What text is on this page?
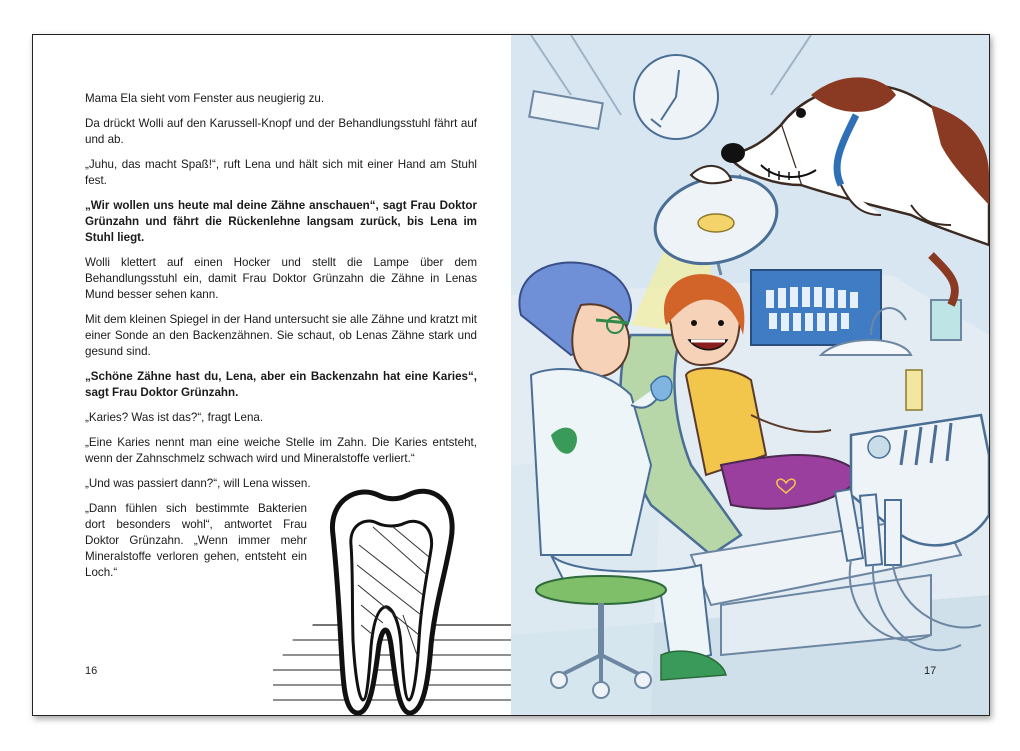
Mama Ela sieht vom Fenster aus neugierig zu.

Da drückt Wolli auf den Karussell-Knopf und der Behandlungsstuhl fährt auf und ab.

„Juhu, das macht Spaß!“, ruft Lena und hält sich mit einer Hand am Stuhl fest.

„Wir wollen uns heute mal deine Zähne anschauen“, sagt Frau Doktor Grünzahn und fährt die Rückenlehne langsam zurück, bis Lena im Stuhl liegt.

Wolli klettert auf einen Hocker und stellt die Lampe über dem Behandlungsstuhl ein, damit Frau Doktor Grünzahn die Zähne in Lenas Mund besser sehen kann.

Mit dem kleinen Spiegel in der Hand untersucht sie alle Zähne und kratzt mit einer Sonde an den Backenzähnen. Sie schaut, ob Lenas Zähne stark und gesund sind.

„Schöne Zähne hast du, Lena, aber ein Backenzahn hat eine Karies“, sagt Frau Doktor Grünzahn.

„Karies? Was ist das?“, fragt Lena.

„Eine Karies nennt man eine weiche Stelle im Zahn. Die Karies entsteht, wenn der Zahnschmelz schwach wird und Mineralstoffe verliert.“

„Und was passiert dann?“, will Lena wissen.

„Dann fühlen sich bestimmte Bakterien dort besonders wohl“, antwortet Frau Doktor Grünzahn. „Wenn immer mehr Mineralstoffe verloren gehen, entsteht ein Loch.“

16	17
